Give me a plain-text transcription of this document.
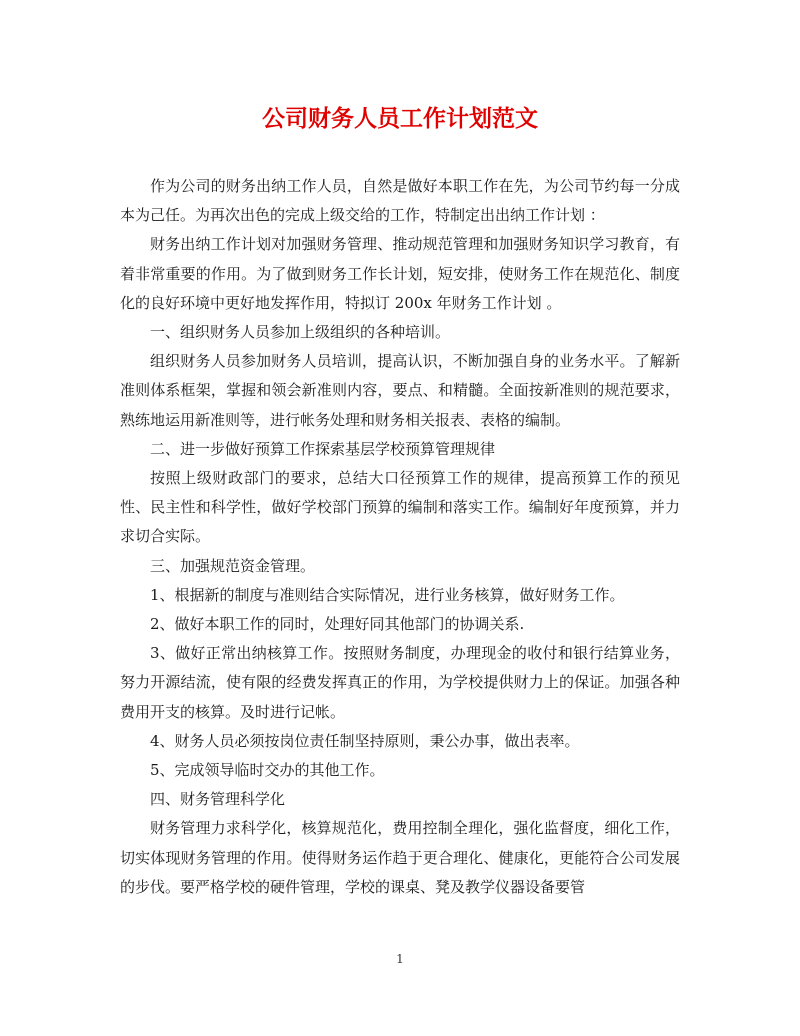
公司财务人员工作计划范文

作为公司的财务出纳工作人员，自然是做好本职工作在先，为公司节约每一分成本为己任。为再次出色的完成上级交给的工作，特制定出出纳工作计划 ：

财务出纳工作计划对加强财务管理、推动规范管理和加强财务知识学习教育，有着非常重要的作用。为了做到财务工作长计划，短安排，使财务工作在规范化、制度化的良好环境中更好地发挥作用，特拟订 200x 年财务工作计划 。

一、组织财务人员参加上级组织的各种培训。

组织财务人员参加财务人员培训，提高认识，不断加强自身的业务水平。了解新准则体系框架，掌握和领会新准则内容，要点、和精髓。全面按新准则的规范要求，熟练地运用新准则等，进行帐务处理和财务相关报表、表格的编制。

二、进一步做好预算工作探索基层学校预算管理规律

按照上级财政部门的要求，总结大口径预算工作的规律，提高预算工作的预见性、民主性和科学性，做好学校部门预算的编制和落实工作。编制好年度预算，并力求切合实际。

三、加强规范资金管理。

1、根据新的制度与准则结合实际情况，进行业务核算，做好财务工作。

2、做好本职工作的同时，处理好同其他部门的协调关系.

3、做好正常出纳核算工作。按照财务制度，办理现金的收付和银行结算业务，努力开源结流，使有限的经费发挥真正的作用，为学校提供财力上的保证。加强各种费用开支的核算。及时进行记帐。

4、财务人员必须按岗位责任制坚持原则，秉公办事，做出表率。

5、完成领导临时交办的其他工作。

四、财务管理科学化

财务管理力求科学化，核算规范化，费用控制全理化，强化监督度，细化工作，切实体现财务管理的作用。使得财务运作趋于更合理化、健康化，更能符合公司发展的步伐。要严格学校的硬件管理，学校的课桌、凳及教学仪器设备要管

1
